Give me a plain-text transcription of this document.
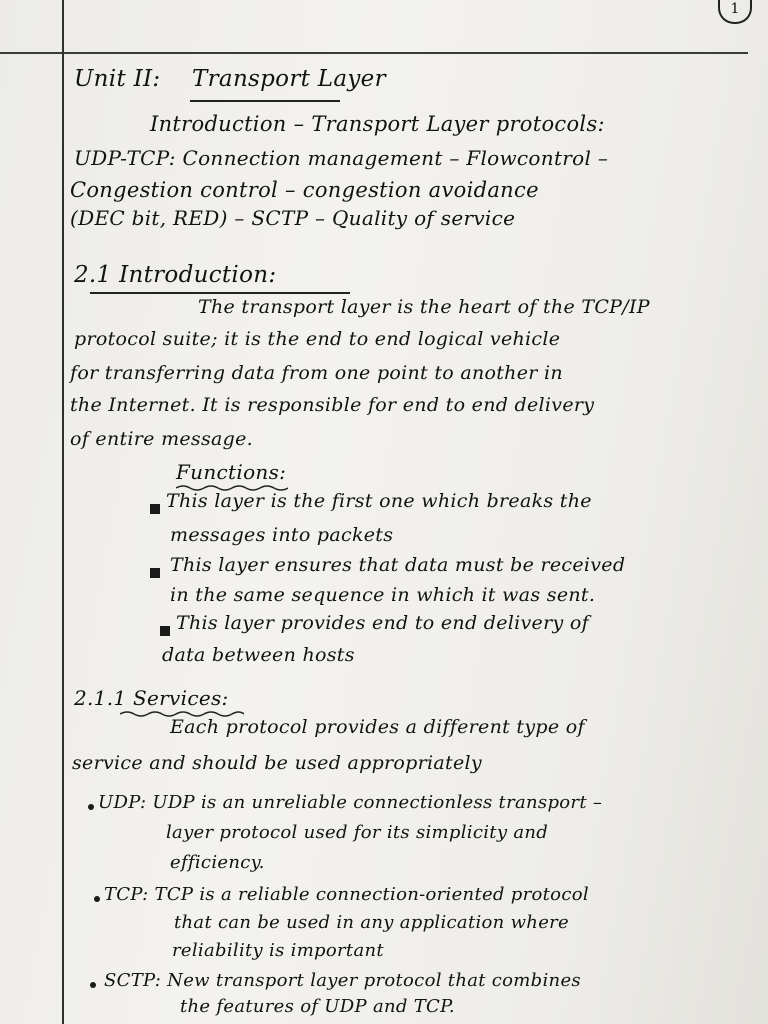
1
Unit II: Transport Layer
Introduction – Transport Layer protocols:
UDP-TCP: Connection management – Flowcontrol –
Congestion control – congestion avoidance
(DEC bit, RED) – SCTP – Quality of service
2.1 Introduction:
The transport layer is the heart of the TCP/IP
protocol suite; it is the end to end logical vehicle
for transferring data from one point to another in
the Internet. It is responsible for end to end delivery
of entire message.
Functions:
This layer is the first one which breaks the
messages into packets
This layer ensures that data must be received
in the same sequence in which it was sent.
This layer provides end to end delivery of
data between hosts
2.1.1 Services:
Each protocol provides a different type of
service and should be used appropriately
UDP: UDP is an unreliable connectionless transport –
layer protocol used for its simplicity and
efficiency.
TCP: TCP is a reliable connection-oriented protocol
that can be used in any application where
reliability is important
SCTP: New transport layer protocol that combines
the features of UDP and TCP.
